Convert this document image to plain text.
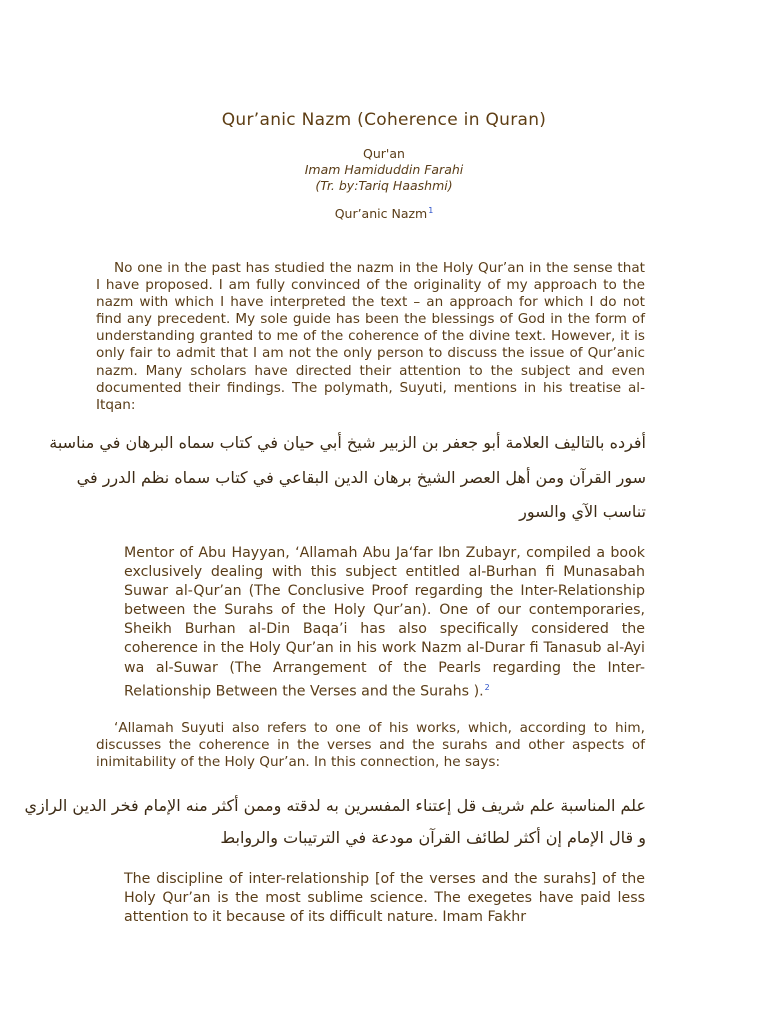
Qur’anic Nazm (Coherence in Quran)
Qur'an
Imam Hamiduddin Farahi
(Tr. by:Tariq Haashmi)
Qur’anic Nazm$^1$
No one in the past has studied the nazm in the Holy Qur’an in the sense that I have proposed. I am fully convinced of the originality of my approach to the nazm with which I have interpreted the text – an approach for which I do not find any precedent. My sole guide has been the blessings of God in the form of understanding granted to me of the coherence of the divine text. However, it is only fair to admit that I am not the only person to discuss the issue of Qur’anic nazm. Many scholars have directed their attention to the subject and even documented their findings. The polymath, Suyuti, mentions in his treatise al-Itqan:
أفرده بالتاليف العلامة أبو جعفر بن الزبير شيخ أبي حيان في كتاب سماه البرهان في مناسبة
سور القرآن ومن أهل العصر الشيخ برهان الدين البقاعي في كتاب سماه نظم الدرر في
تناسب الآي والسور
Mentor of Abu Hayyan, ‘Allamah Abu Ja‘far Ibn Zubayr, compiled a book exclusively dealing with this subject entitled al-Burhan fi Munasabah Suwar al-Qur’an (The Conclusive Proof regarding the Inter-Relationship between the Surahs of the Holy Qur’an). One of our contemporaries, Sheikh Burhan al-Din Baqa’i has also specifically considered the coherence in the Holy Qur’an in his work Nazm al-Durar fi Tanasub al-Ayi wa al-Suwar (The Arrangement of the Pearls regarding the Inter-Relationship Between the Verses and the Surahs ).$^2$
‘Allamah Suyuti also refers to one of his works, which, according to him, discusses the coherence in the verses and the surahs and other aspects of inimitability of the Holy Qur’an. In this connection, he says:
علم المناسبة علم شريف قل إعتناء المفسرين به لدقته وممن أكثر منه الإمام فخر الدين الرازي
و قال الإمام إن أكثر لطائف القرآن مودعة في الترتيبات والروابط
The discipline of inter-relationship [of the verses and the surahs] of the Holy Qur’an is the most sublime science. The exegetes have paid less attention to it because of its difficult nature. Imam Fakhr
